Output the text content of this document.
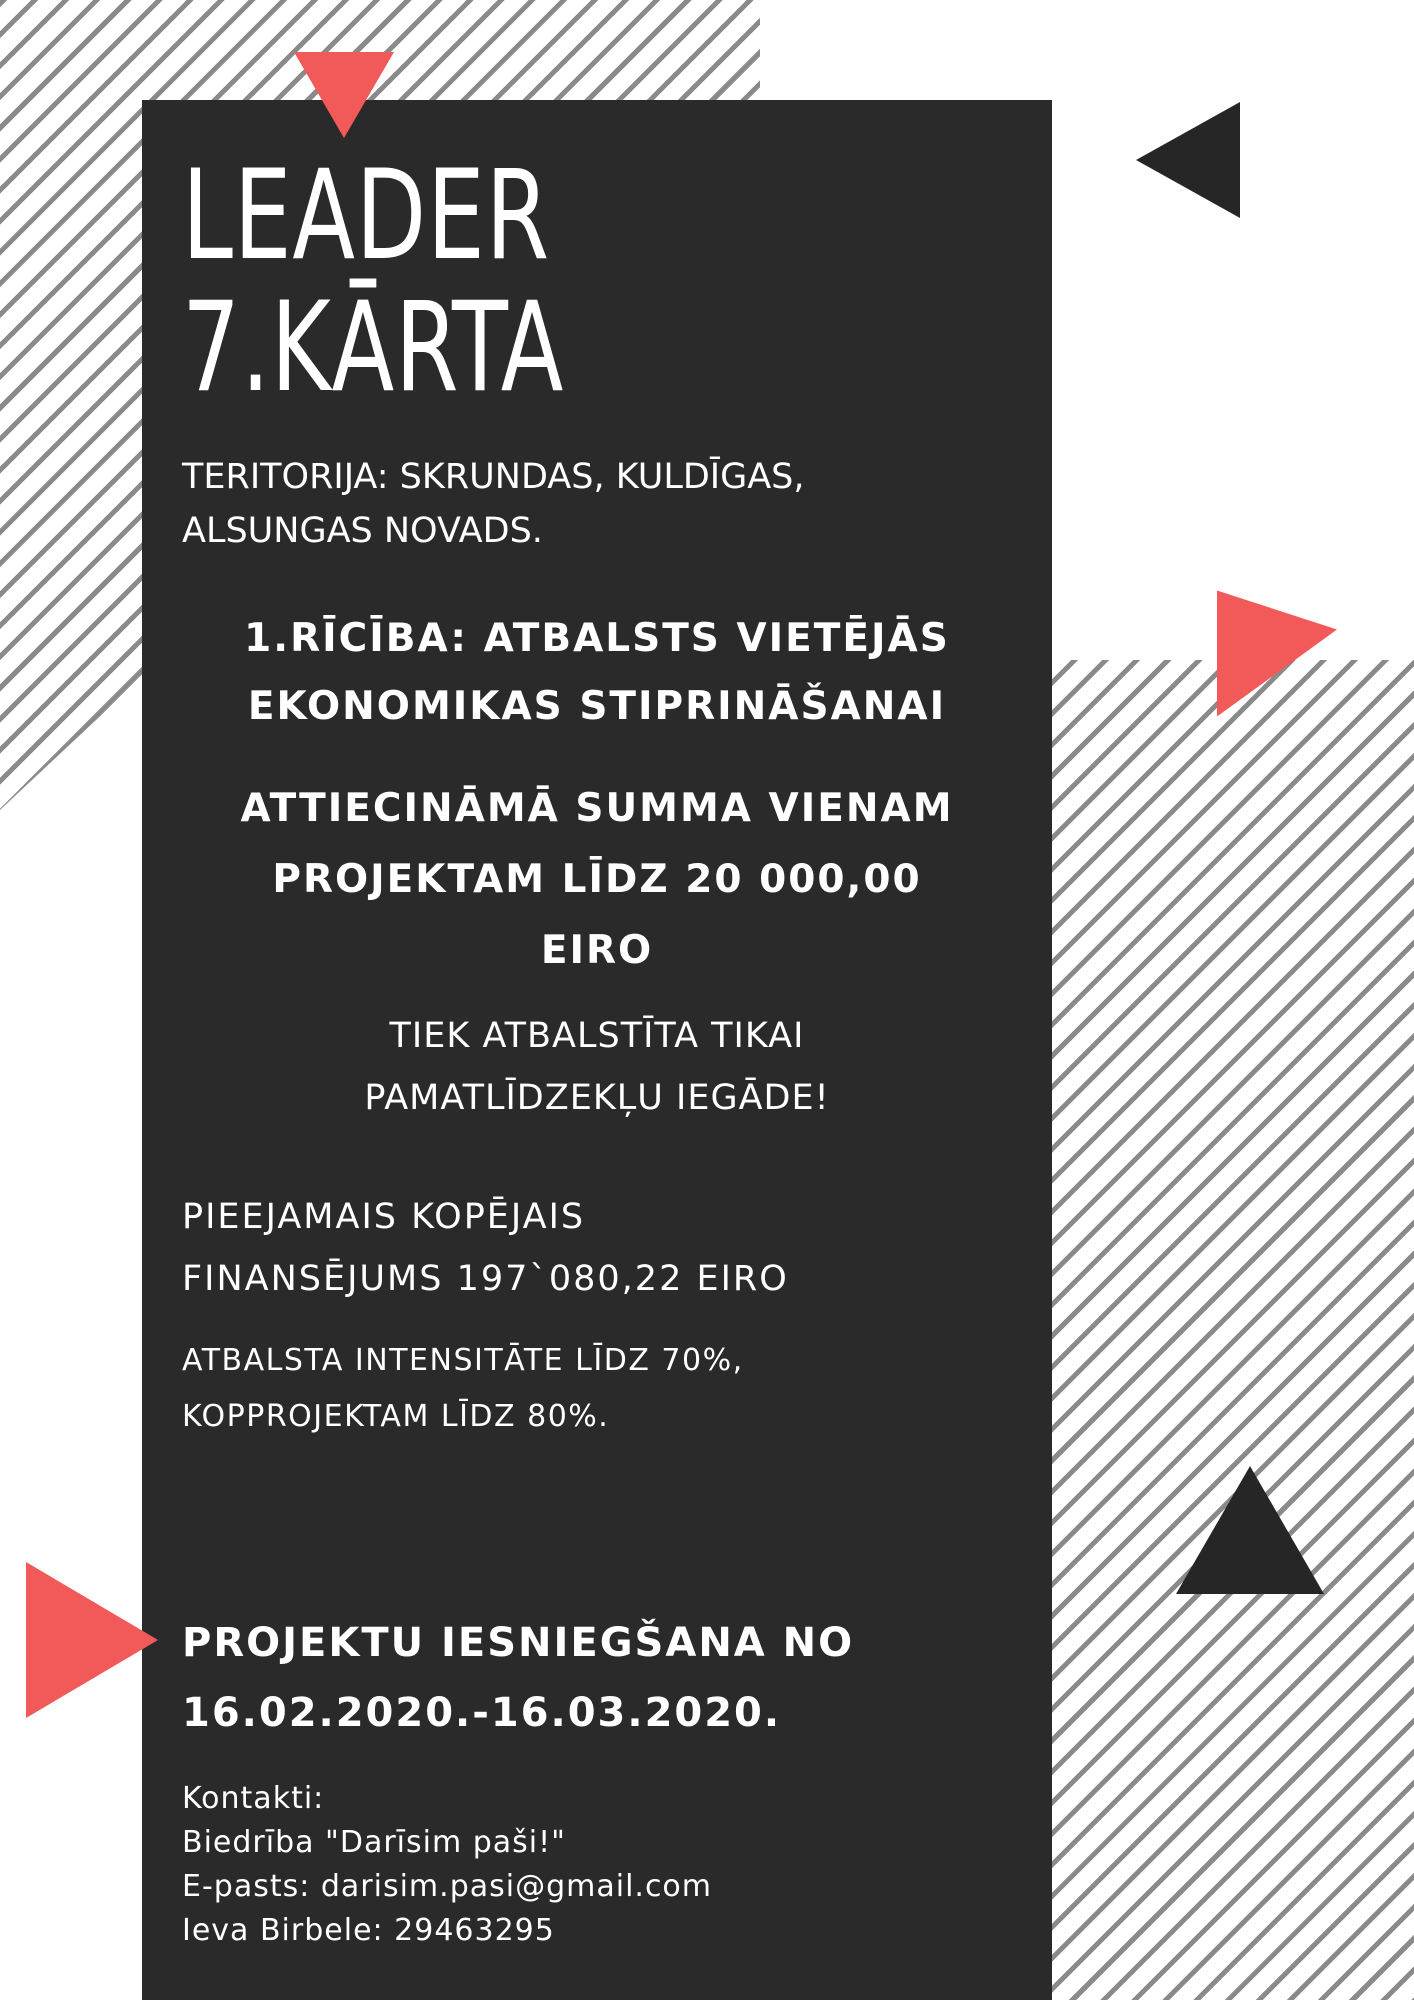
LEADER
7.KĀRTA
TERITORIJA: SKRUNDAS, KULDĪGAS,
ALSUNGAS NOVADS.
1.RĪCĪBA: ATBALSTS VIETĒJĀS
EKONOMIKAS STIPRINĀŠANAI
ATTIECINĀMĀ SUMMA VIENAM
PROJEKTAM LĪDZ 20 000,00
EIRO
TIEK ATBALSTĪTA TIKAI
PAMATLĪDZEKĻU IEGĀDE!
PIEEJAMAIS KOPĒJAIS
FINANSĒJUMS 197`080,22 EIRO
ATBALSTA INTENSITĀTE LĪDZ 70%,
KOPPROJEKTAM LĪDZ 80%.
PROJEKTU IESNIEGŠANA NO
16.02.2020.-16.03.2020.
Kontakti:
Biedrība "Darīsim paši!"
E-pasts: darisim.pasi@gmail.com
Ieva Birbele: 29463295
